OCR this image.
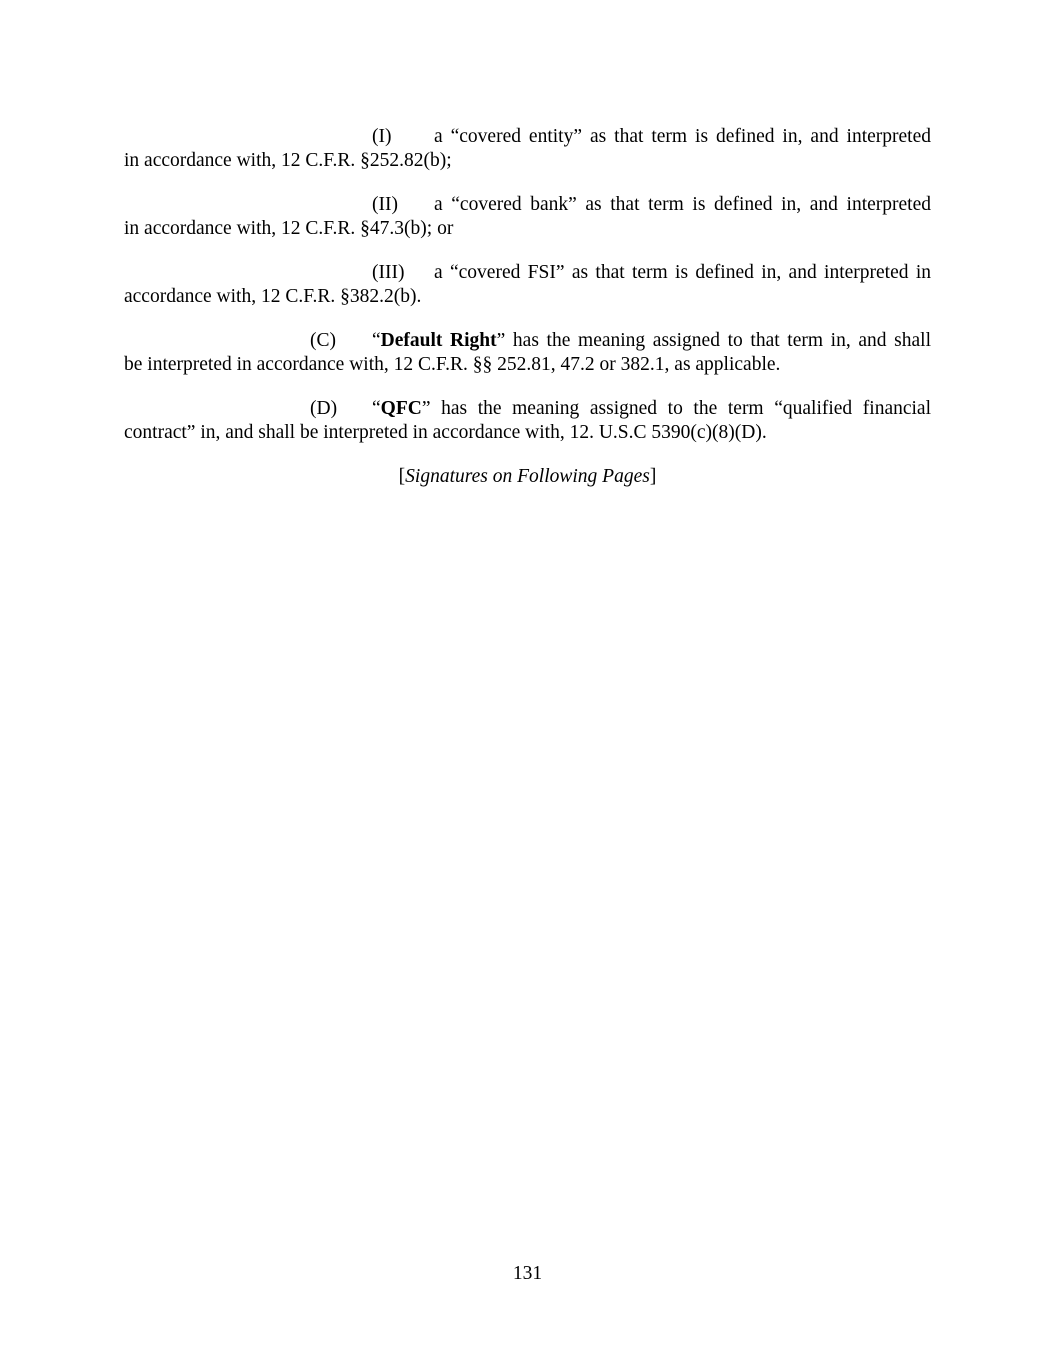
(I)	a “covered entity” as that term is defined in, and interpreted
in accordance with, 12 C.F.R. §252.82(b);
(II)	a “covered bank” as that term is defined in, and interpreted
in accordance with, 12 C.F.R. §47.3(b); or
(III)	a “covered FSI” as that term is defined in, and interpreted in
accordance with, 12 C.F.R. §382.2(b).
(C)	“Default Right” has the meaning assigned to that term in, and shall
be interpreted in accordance with, 12 C.F.R. §§ 252.81, 47.2 or 382.1, as applicable.
(D)	“QFC” has the meaning assigned to the term “qualified financial
contract” in, and shall be interpreted in accordance with, 12. U.S.C 5390(c)(8)(D).
[Signatures on Following Pages]
131
